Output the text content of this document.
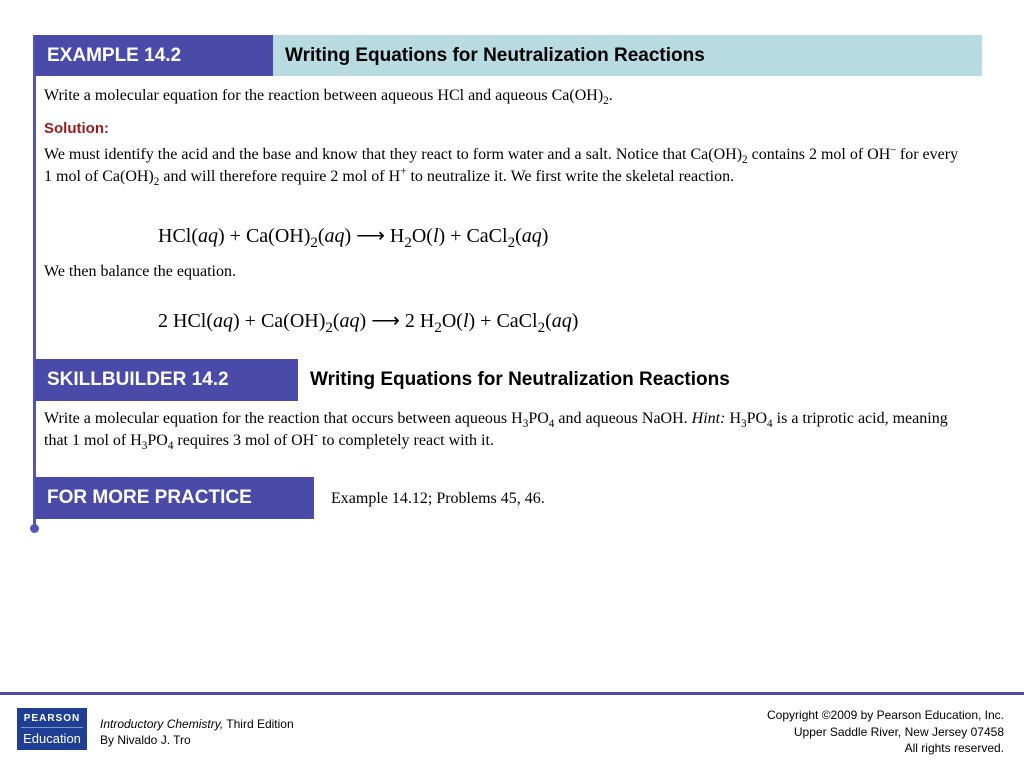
EXAMPLE 14.2	Writing Equations for Neutralization Reactions
Write a molecular equation for the reaction between aqueous HCl and aqueous $Ca(OH)_2$.
Solution:
We must identify the acid and the base and know that they react to form water and a salt. Notice that $Ca(OH)_2$ contains 2 mol of OH– for every 1 mol of $Ca(OH)_2$ and will therefore require 2 mol of H+ to neutralize it. We first write the skeletal reaction.
$HCl(aq) + Ca(OH)_2(aq)$ ⟶ $H_2O(l)$ + CaCl$_2$(aq)
We then balance the equation.
2 $HCl(aq) + Ca(OH)_2(aq)$ ⟶ 2 $H_2O(l)$ + CaCl$_2$(aq)
SKILLBUILDER 14.2	Writing Equations for Neutralization Reactions
Write a molecular equation for the reaction that occurs between aqueous $H_3PO_4$ and aqueous NaOH. Hint: $H_3PO_4$ is a triprotic acid, meaning that 1 mol of $H_3PO_4$ requires 3 mol of OH- to completely react with it.
FOR MORE PRACTICE	Example 14.12; Problems 45, 46.
PEARSON
Education
Introductory Chemistry, Third Edition
By Nivaldo J. Tro
Copyright ©2009 by Pearson Education, Inc.
Upper Saddle River, New Jersey 07458
All rights reserved.
